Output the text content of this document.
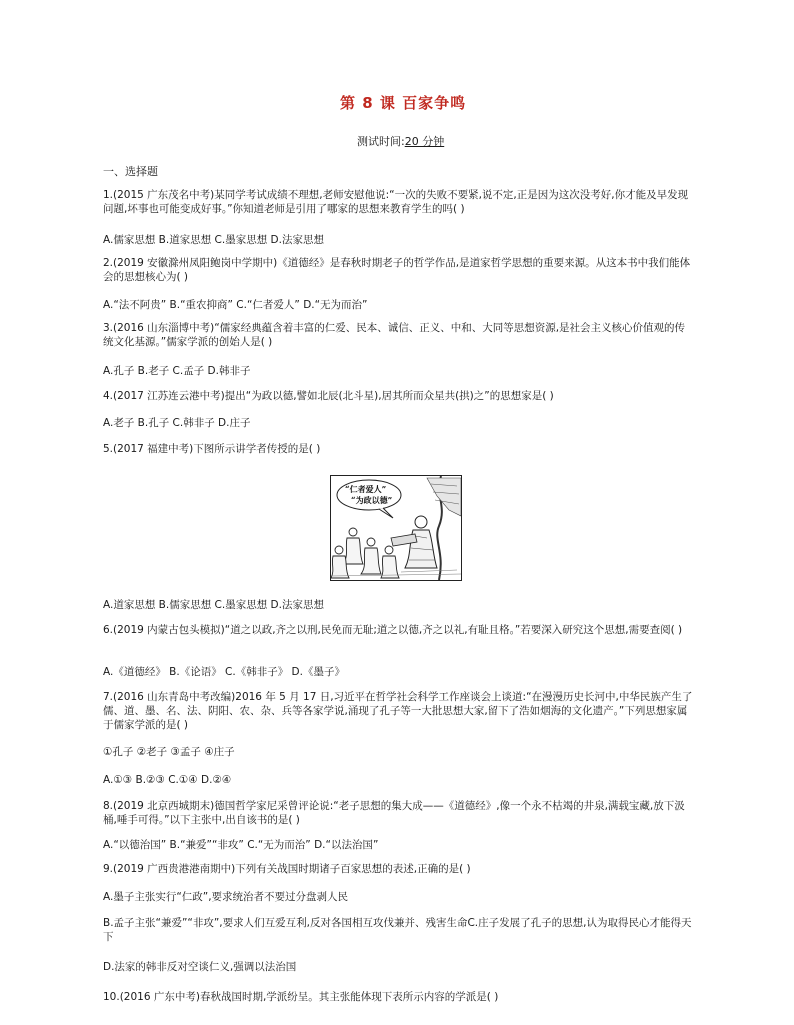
第 8 课 百家争鸣
测试时间:20 分钟
一、选择题
1.(2015 广东茂名中考)某同学考试成绩不理想,老师安慰他说:“一次的失败不要紧,说不定,正是因为这次没考好,你才能及早发现问题,坏事也可能变成好事。”你知道老师是引用了哪家的思想来教育学生的吗( )
A.儒家思想 B.道家思想 C.墨家思想 D.法家思想
2.(2019 安徽滁州凤阳鲍岗中学期中)《道德经》是春秋时期老子的哲学作品,是道家哲学思想的重要来源。从这本书中我们能体会的思想核心为( )
A.“法不阿贵” B.“重农抑商” C.“仁者爱人” D.“无为而治”
3.(2016 山东淄博中考)“儒家经典蕴含着丰富的仁爱、民本、诚信、正义、中和、大同等思想资源,是社会主义核心价值观的传统文化基源。”儒家学派的创始人是( )
A.孔子 B.老子 C.孟子 D.韩非子
4.(2017 江苏连云港中考)提出“为政以德,譬如北辰(北斗星),居其所而众星共(拱)之”的思想家是( )
A.老子 B.孔子 C.韩非子 D.庄子
5.(2017 福建中考)下图所示讲学者传授的是( )
“仁者爱人”
“为政以德”
A.道家思想 B.儒家思想 C.墨家思想 D.法家思想
6.(2019 内蒙古包头模拟)“道之以政,齐之以刑,民免而无耻;道之以德,齐之以礼,有耻且格。”若要深入研究这个思想,需要查阅( )
A.《道德经》 B.《论语》 C.《韩非子》 D.《墨子》
7.(2016 山东青岛中考改编)2016 年 5 月 17 日,习近平在哲学社会科学工作座谈会上谈道:“在漫漫历史长河中,中华民族产生了儒、道、墨、名、法、阴阳、农、杂、兵等各家学说,涌现了孔子等一大批思想大家,留下了浩如烟海的文化遗产。”下列思想家属于儒家学派的是( )
①孔子 ②老子 ③孟子 ④庄子
A.①③ B.②③ C.①④ D.②④
8.(2019 北京西城期末)德国哲学家尼采曾评论说:“老子思想的集大成——《道德经》,像一个永不枯竭的井泉,满载宝藏,放下汲桶,唾手可得。”以下主张中,出自该书的是( )
A.“以德治国” B.“兼爱”“非攻” C.“无为而治” D.“以法治国”
9.(2019 广西贵港港南期中)下列有关战国时期诸子百家思想的表述,正确的是( )
A.墨子主张实行“仁政”,要求统治者不要过分盘剥人民
B.孟子主张“兼爱”“非攻”,要求人们互爱互利,反对各国相互攻伐兼并、残害生命C.庄子发展了孔子的思想,认为取得民心才能得天下
D.法家的韩非反对空谈仁义,强调以法治国
10.(2016 广东中考)春秋战国时期,学派纷呈。其主张能体现下表所示内容的学派是( )
